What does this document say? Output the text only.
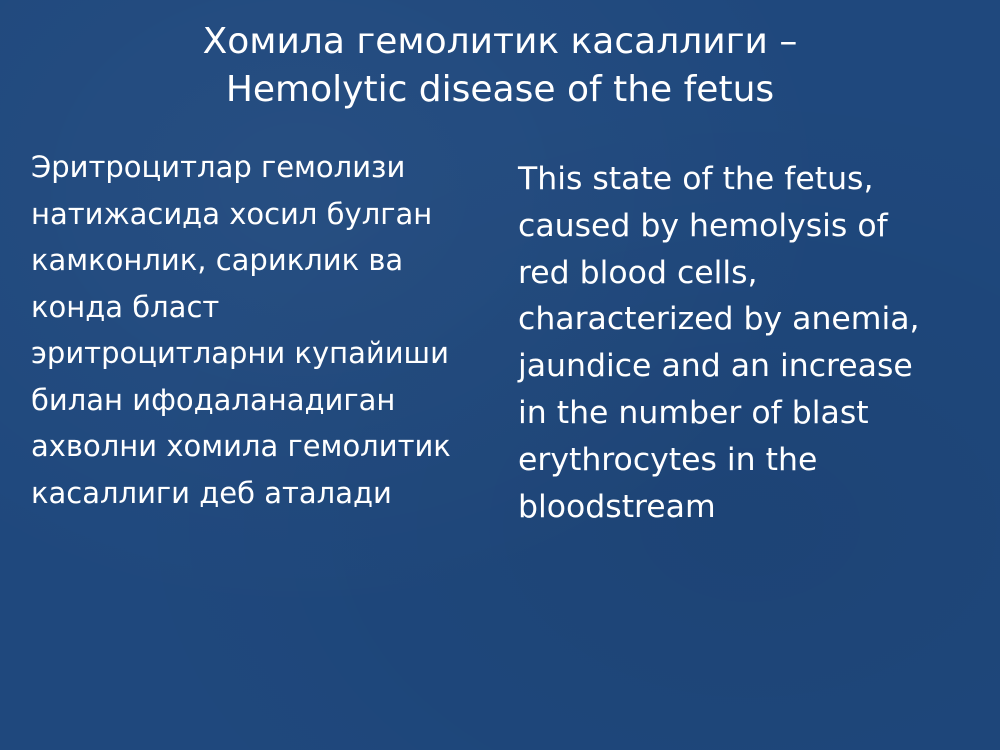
Хомила гемолитик касаллиги –
Hemolytic disease of the fetus
Эритроцитлар гемолизи
натижасида хосил булган
камконлик, сариклик ва
конда бласт
эритроцитларни купайиши
билан ифодаланадиган
ахволни хомила гемолитик
касаллиги деб аталади
This state of the fetus,
caused by hemolysis of
red blood cells,
characterized by anemia,
jaundice and an increase
in the number of blast
erythrocytes in the
bloodstream
